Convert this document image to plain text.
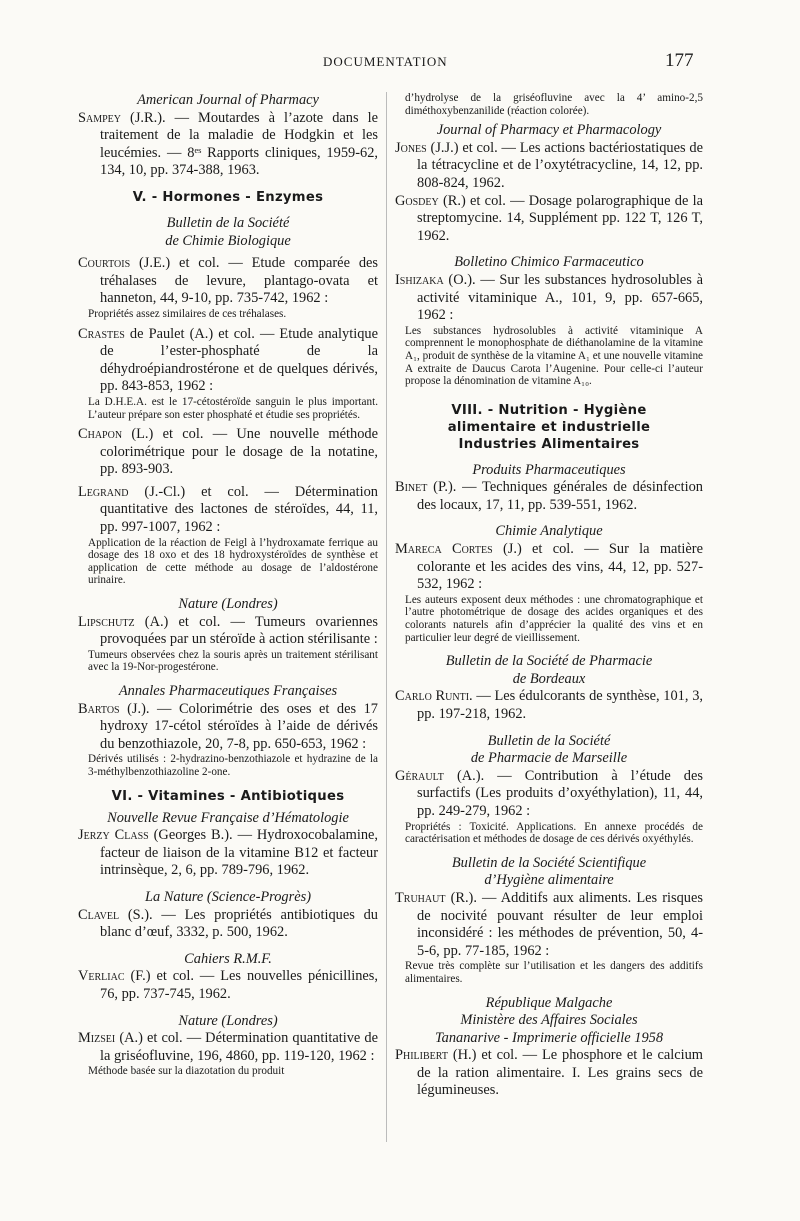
DOCUMENTATION	177
American Journal of Pharmacy
Sampey (J.R.). — Moutardes à l’azote dans le traitement de la maladie de Hodgkin et les leucémies. — 8ᵉˢ Rapports cliniques, 1959-62, 134, 10, pp. 374-388, 1963.
V. - Hormones - Enzymes
Bulletin de la Société
de Chimie Biologique
Courtois (J.E.) et col. — Etude comparée des tréhalases de levure, plantago-ovata et hanneton, 44, 9-10, pp. 735-742, 1962 :
Propriétés assez similaires de ces tréhalases.
Crastes de Paulet (A.) et col. — Etude analytique de l’ester-phosphaté de la déhydroépiandrostérone et de quelques dérivés, pp. 843-853, 1962 :
La D.H.E.A. est le 17-cétostéroïde sanguin le plus important. L’auteur prépare son ester phosphaté et étudie ses propriétés.
Chapon (L.) et col. — Une nouvelle méthode colorimétrique pour le dosage de la notatine, pp. 893-903.
Legrand (J.-Cl.) et col. — Détermination quantitative des lactones de stéroïdes, 44, 11, pp. 997-1007, 1962 :
Application de la réaction de Feigl à l’hydroxamate ferrique au dosage des 18 oxo et des 18 hydroxystéroïdes de synthèse et application de cette méthode au dosage de l’aldostérone urinaire.
Nature (Londres)
Lipschutz (A.) et col. — Tumeurs ovariennes provoquées par un stéroïde à action stérilisante :
Tumeurs observées chez la souris après un traitement stérilisant avec la 19-Nor-progestérone.
Annales Pharmaceutiques Françaises
Bartos (J.). — Colorimétrie des oses et des 17 hydroxy 17-cétol stéroïdes à l’aide de dérivés du benzothiazole, 20, 7-8, pp. 650-653, 1962 :
Dérivés utilisés : 2-hydrazino-benzothiazole et hydrazine de la 3-méthylbenzothiazoline 2-one.
VI. - Vitamines - Antibiotiques
Nouvelle Revue Française d’Hématologie
Jerzy Class (Georges B.). — Hydroxocobalamine, facteur de liaison de la vitamine B12 et facteur intrinsèque, 2, 6, pp. 789-796, 1962.
La Nature (Science-Progrès)
Clavel (S.). — Les propriétés antibiotiques du blanc d’œuf, 3332, p. 500, 1962.
Cahiers R.M.F.
Verliac (F.) et col. — Les nouvelles pénicillines, 76, pp. 737-745, 1962.
Nature (Londres)
Mizsei (A.) et col. — Détermination quantitative de la griséofluvine, 196, 4860, pp. 119-120, 1962 :
Méthode basée sur la diazotation du produit
d’hydrolyse de la griséofluvine avec la 4’ amino-2,5 diméthoxybenzanilide (réaction colorée).
Journal of Pharmacy et Pharmacology
Jones (J.J.) et col. — Les actions bactériostatiques de la tétracycline et de l’oxytétracycline, 14, 12, pp. 808-824, 1962.
Gosdey (R.) et col. — Dosage polarographique de la streptomycine. 14, Supplément pp. 122 T, 126 T, 1962.
Bolletino Chimico Farmaceutico
Ishizaka (O.). — Sur les substances hydrosolubles à activité vitaminique A., 101, 9, pp. 657-665, 1962 :
Les substances hydrosolubles à activité vitaminique A comprennent le monophosphate de diéthanolamine de la vitamine A₁, produit de synthèse de la vitamine A₁ et une nouvelle vitamine A extraite de Daucus Carota l’Augenine. Pour celle-ci l’auteur propose la dénomination de vitamine A₁₀.
VIII. - Nutrition - Hygiène
alimentaire et industrielle
Industries Alimentaires
Produits Pharmaceutiques
Binet (P.). — Techniques générales de désinfection des locaux, 17, 11, pp. 539-551, 1962.
Chimie Analytique
Mareca Cortes (J.) et col. — Sur la matière colorante et les acides des vins, 44, 12, pp. 527-532, 1962 :
Les auteurs exposent deux méthodes : une chromatographique et l’autre photométrique de dosage des acides organiques et des colorants naturels afin d’apprécier la qualité des vins et en particulier leur degré de vieillissement.
Bulletin de la Société de Pharmacie
de Bordeaux
Carlo Runti. — Les édulcorants de synthèse, 101, 3, pp. 197-218, 1962.
Bulletin de la Société
de Pharmacie de Marseille
Gérault (A.). — Contribution à l’étude des surfactifs (Les produits d’oxyéthylation), 11, 44, pp. 249-279, 1962 :
Propriétés : Toxicité. Applications. En annexe procédés de caractérisation et méthodes de dosage de ces dérivés oxyéthylés.
Bulletin de la Société Scientifique
d’Hygiène alimentaire
Truhaut (R.). — Additifs aux aliments. Les risques de nocivité pouvant résulter de leur emploi inconsidéré : les méthodes de prévention, 50, 4-5-6, pp. 77-185, 1962 :
Revue très complète sur l’utilisation et les dangers des additifs alimentaires.
République Malgache
Ministère des Affaires Sociales
Tananarive - Imprimerie officielle 1958
Philibert (H.) et col. — Le phosphore et le calcium de la ration alimentaire. I. Les grains secs de légumineuses.
